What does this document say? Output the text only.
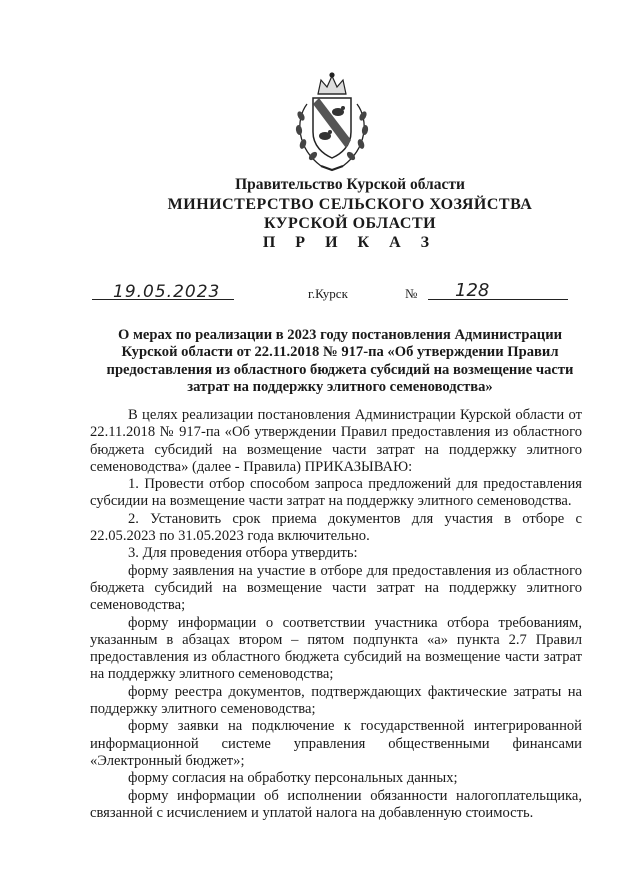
Правительство Курской области
МИНИСТЕРСТВО СЕЛЬСКОГО ХОЗЯЙСТВА
КУРСКОЙ ОБЛАСТИ
П Р И К А З
19.05.2023	г.Курск	№ 128
О мерах по реализации в 2023 году постановления Администрации Курской области от 22.11.2018 № 917-па «Об утверждении Правил предоставления из областного бюджета субсидий на возмещение части затрат на поддержку элитного семеноводства»

В целях реализации постановления Администрации Курской области от 22.11.2018 № 917-па «Об утверждении Правил предоставления из областного бюджета субсидий на возмещение части затрат на поддержку элитного семеноводства» (далее - Правила) ПРИКАЗЫВАЮ:

1. Провести отбор способом запроса предложений для предоставления субсидии на возмещение части затрат на поддержку элитного семеноводства.

2. Установить срок приема документов для участия в отборе с 22.05.2023 по 31.05.2023 года включительно.

3. Для проведения отбора утвердить:

форму заявления на участие в отборе для предоставления из областного бюджета субсидий на возмещение части затрат на поддержку элитного семеноводства;

форму информации о соответствии участника отбора требованиям, указанным в абзацах втором – пятом подпункта «а» пункта 2.7 Правил предоставления из областного бюджета субсидий на возмещение части затрат на поддержку элитного семеноводства;

форму реестра документов, подтверждающих фактические затраты на поддержку элитного семеноводства;

форму заявки на подключение к государственной интегрированной информационной системе управления общественными финансами «Электронный бюджет»;

форму согласия на обработку персональных данных;

форму информации об исполнении обязанности налогоплательщика, связанной с исчислением и уплатой налога на добавленную стоимость.
